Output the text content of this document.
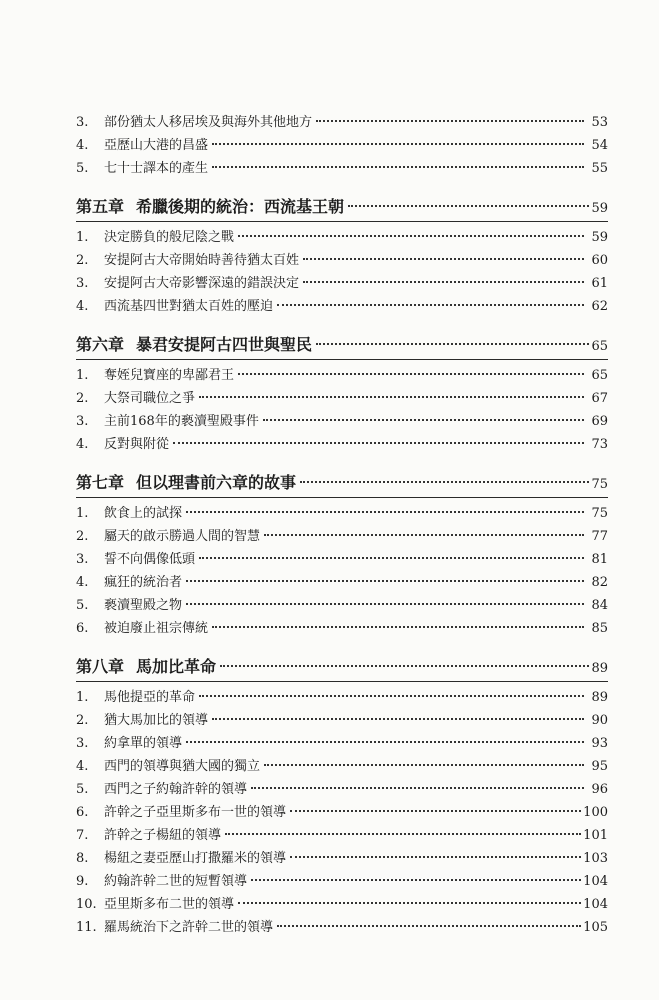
3.	部份猶太人移居埃及與海外其他地方	53
4.	亞歷山大港的昌盛	54
5.	七十士譯本的產生	55
第五章 希臘後期的統治：西流基王朝	59
1.	決定勝負的般尼陰之戰	59
2.	安提阿古大帝開始時善待猶太百姓	60
3.	安提阿古大帝影響深遠的錯誤決定	61
4.	西流基四世對猶太百姓的壓迫	62
第六章 暴君安提阿古四世與聖民	65
1.	奪姪兒寶座的卑鄙君王	65
2.	大祭司職位之爭	67
3.	主前168年的褻瀆聖殿事件	69
4.	反對與附從	73
第七章 但以理書前六章的故事	75
1.	飲食上的試探	75
2.	屬天的啟示勝過人間的智慧	77
3.	誓不向偶像低頭	81
4.	瘋狂的統治者	82
5.	褻瀆聖殿之物	84
6.	被迫廢止祖宗傳統	85
第八章 馬加比革命	89
1.	馬他提亞的革命	89
2.	猶大馬加比的領導	90
3.	約拿單的領導	93
4.	西門的領導與猶大國的獨立	95
5.	西門之子約翰許幹的領導	96
6.	許幹之子亞里斯多布一世的領導	100
7.	許幹之子楊紐的領導	101
8.	楊紐之妻亞歷山打撒羅米的領導	103
9.	約翰許幹二世的短暫領導	104
10. 亞里斯多布二世的領導	104
11. 羅馬統治下之許幹二世的領導	105
